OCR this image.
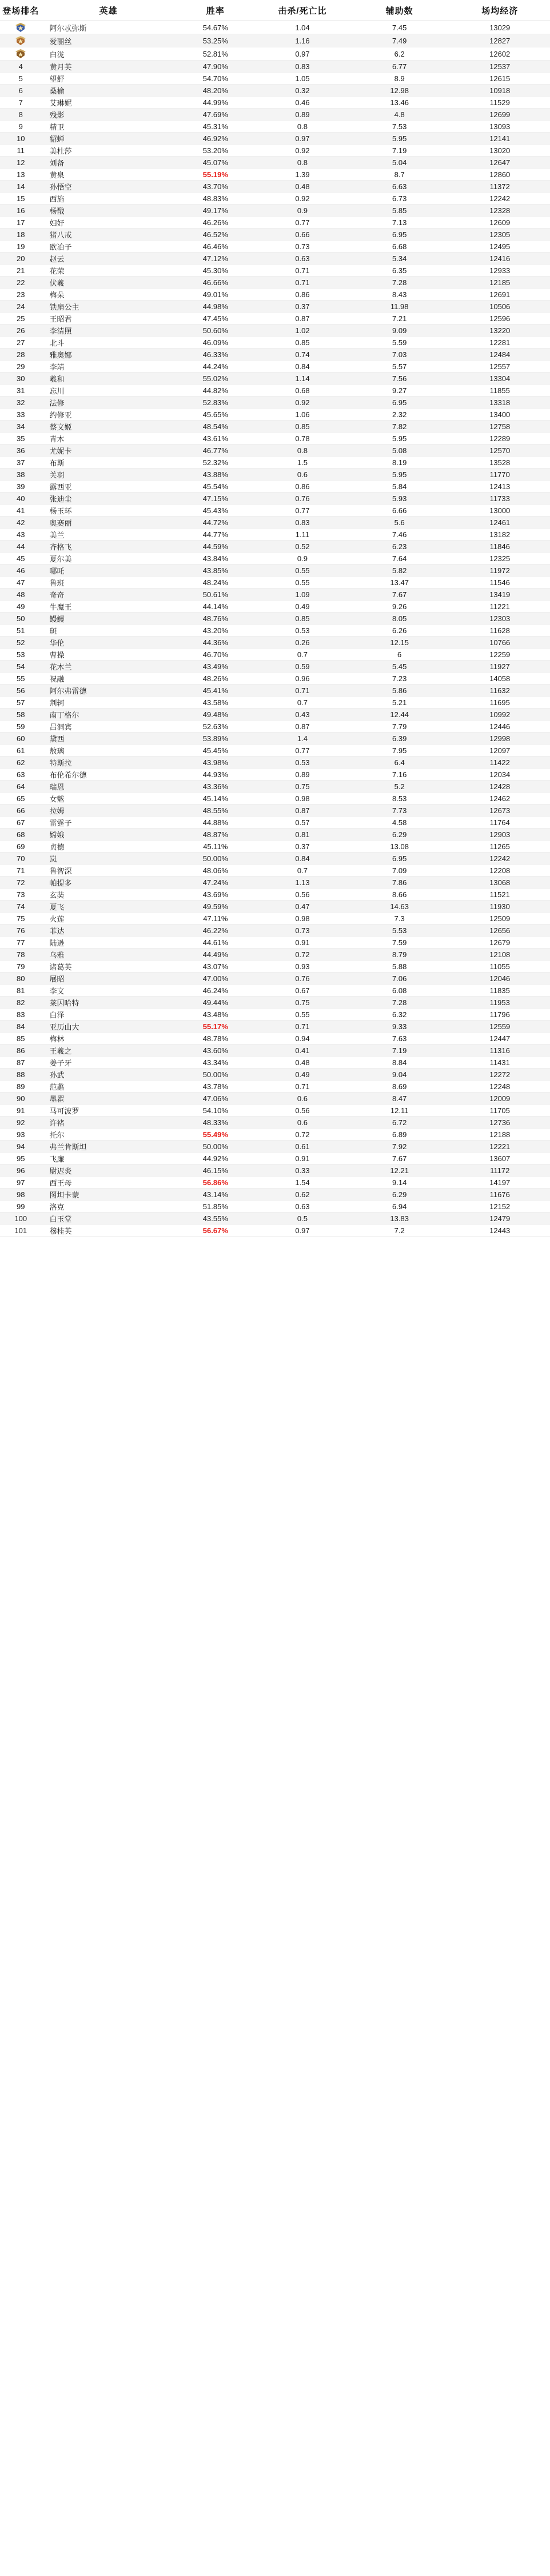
登场排名	英雄	胜率	击杀/死亡比	辅助数	场均经济

	阿尔忒弥斯	54.67%	1.04	7.45	13029

	爱丽丝	53.25%	1.16	7.49	12827

	白泷	52.81%	0.97	6.2	12602
4	黄月英	47.90%	0.83	6.77	12537
5	望舒	54.70%	1.05	8.9	12615
6	桑榆	48.20%	0.32	12.98	10918
7	艾琳妮	44.99%	0.46	13.46	11529
8	残影	47.69%	0.89	4.8	12699
9	精卫	45.31%	0.8	7.53	13093
10	貂蝉	46.92%	0.97	5.95	12141
11	美杜莎	53.20%	0.92	7.19	13020
12	刘备	45.07%	0.8	5.04	12647
13	黄泉	55.19%	1.39	8.7	12860
14	孙悟空	43.70%	0.48	6.63	11372
15	西施	48.83%	0.92	6.73	12242
16	杨戬	49.17%	0.9	5.85	12328
17	妇好	46.26%	0.77	7.13	12609
18	猪八戒	46.52%	0.66	6.95	12305
19	欧冶子	46.46%	0.73	6.68	12495
20	赵云	47.12%	0.63	5.34	12416
21	花荣	45.30%	0.71	6.35	12933
22	伏羲	46.66%	0.71	7.28	12185
23	梅朵	49.01%	0.86	8.43	12691
24	铁扇公主	44.98%	0.37	11.98	10506
25	王昭君	47.45%	0.87	7.21	12596
26	李清照	50.60%	1.02	9.09	13220
27	北斗	46.09%	0.85	5.59	12281
28	雅奥娜	46.33%	0.74	7.03	12484
29	李靖	44.24%	0.84	5.57	12557
30	羲和	55.02%	1.14	7.56	13304
31	忘川	44.82%	0.68	9.27	11855
32	法修	52.83%	0.92	6.95	13318
33	约修亚	45.65%	1.06	2.32	13400
34	蔡文姬	48.54%	0.85	7.82	12758
35	青木	43.61%	0.78	5.95	12289
36	尤妮卡	46.77%	0.8	5.08	12570
37	布斯	52.32%	1.5	8.19	13528
38	关羽	43.88%	0.6	5.95	11770
39	露西亚	45.54%	0.86	5.84	12413
40	张迪尘	47.15%	0.76	5.93	11733
41	杨玉环	45.43%	0.77	6.66	13000
42	奥赛丽	44.72%	0.83	5.6	12461
43	美兰	44.77%	1.11	7.46	13182
44	齐格飞	44.59%	0.52	6.23	11846
45	夏尔美	43.84%	0.9	7.64	12325
46	哪吒	43.85%	0.55	5.82	11972
47	鲁班	48.24%	0.55	13.47	11546
48	奇奇	50.61%	1.09	7.67	13419
49	牛魔王	44.14%	0.49	9.26	11221
50	鳗鳗	48.76%	0.85	8.05	12303
51	斑	43.20%	0.53	6.26	11628
52	华伦	44.36%	0.26	12.15	10766
53	曹操	46.70%	0.7	6	12259
54	花木兰	43.49%	0.59	5.45	11927
55	祝融	48.26%	0.96	7.23	14058
56	阿尔弗雷德	45.41%	0.71	5.86	11632
57	荆轲	43.58%	0.7	5.21	11695
58	南丁格尔	49.48%	0.43	12.44	10992
59	吕洞宾	52.63%	0.87	7.79	12446
60	黛西	53.89%	1.4	6.39	12998
61	敖璃	45.45%	0.77	7.95	12097
62	特斯拉	43.98%	0.53	6.4	11422
63	布伦希尔德	44.93%	0.89	7.16	12034
64	瑞恩	43.36%	0.75	5.2	12428
65	女魃	45.14%	0.98	8.53	12462
66	拉姆	48.55%	0.87	7.73	12673
67	雷霆子	44.88%	0.57	4.58	11764
68	嫦娥	48.87%	0.81	6.29	12903
69	贞德	45.11%	0.37	13.08	11265
70	岚	50.00%	0.84	6.95	12242
71	鲁智深	48.06%	0.7	7.09	12208
72	帕提多	47.24%	1.13	7.86	13068
73	玄奘	43.69%	0.56	8.66	11521
74	夏飞	49.59%	0.47	14.63	11930
75	火莲	47.11%	0.98	7.3	12509
76	菲达	46.22%	0.73	5.53	12656
77	陆逊	44.61%	0.91	7.59	12679
78	乌雅	44.49%	0.72	8.79	12108
79	诸葛英	43.07%	0.93	5.88	11055
80	展昭	47.00%	0.76	7.06	12046
81	李文	46.24%	0.67	6.08	11835
82	莱因哈特	49.44%	0.75	7.28	11953
83	白泽	43.48%	0.55	6.32	11796
84	亚历山大	55.17%	0.71	9.33	12559
85	梅林	48.78%	0.94	7.63	12447
86	王羲之	43.60%	0.41	7.19	11316
87	姜子牙	43.34%	0.48	8.84	11431
88	孙武	50.00%	0.49	9.04	12272
89	范蠡	43.78%	0.71	8.69	12248
90	墨翟	47.06%	0.6	8.47	12009
91	马可波罗	54.10%	0.56	12.11	11705
92	许褚	48.33%	0.6	6.72	12736
93	托尔	55.49%	0.72	6.89	12188
94	弗兰肯斯坦	50.00%	0.61	7.92	12221
95	飞廉	44.92%	0.91	7.67	13607
96	尉迟炎	46.15%	0.33	12.21	11172
97	西王母	56.86%	1.54	9.14	14197
98	图坦卡蒙	43.14%	0.62	6.29	11676
99	洛克	51.85%	0.63	6.94	12152
100	白玉堂	43.55%	0.5	13.83	12479
101	穆桂英	56.67%	0.97	7.2	12443
